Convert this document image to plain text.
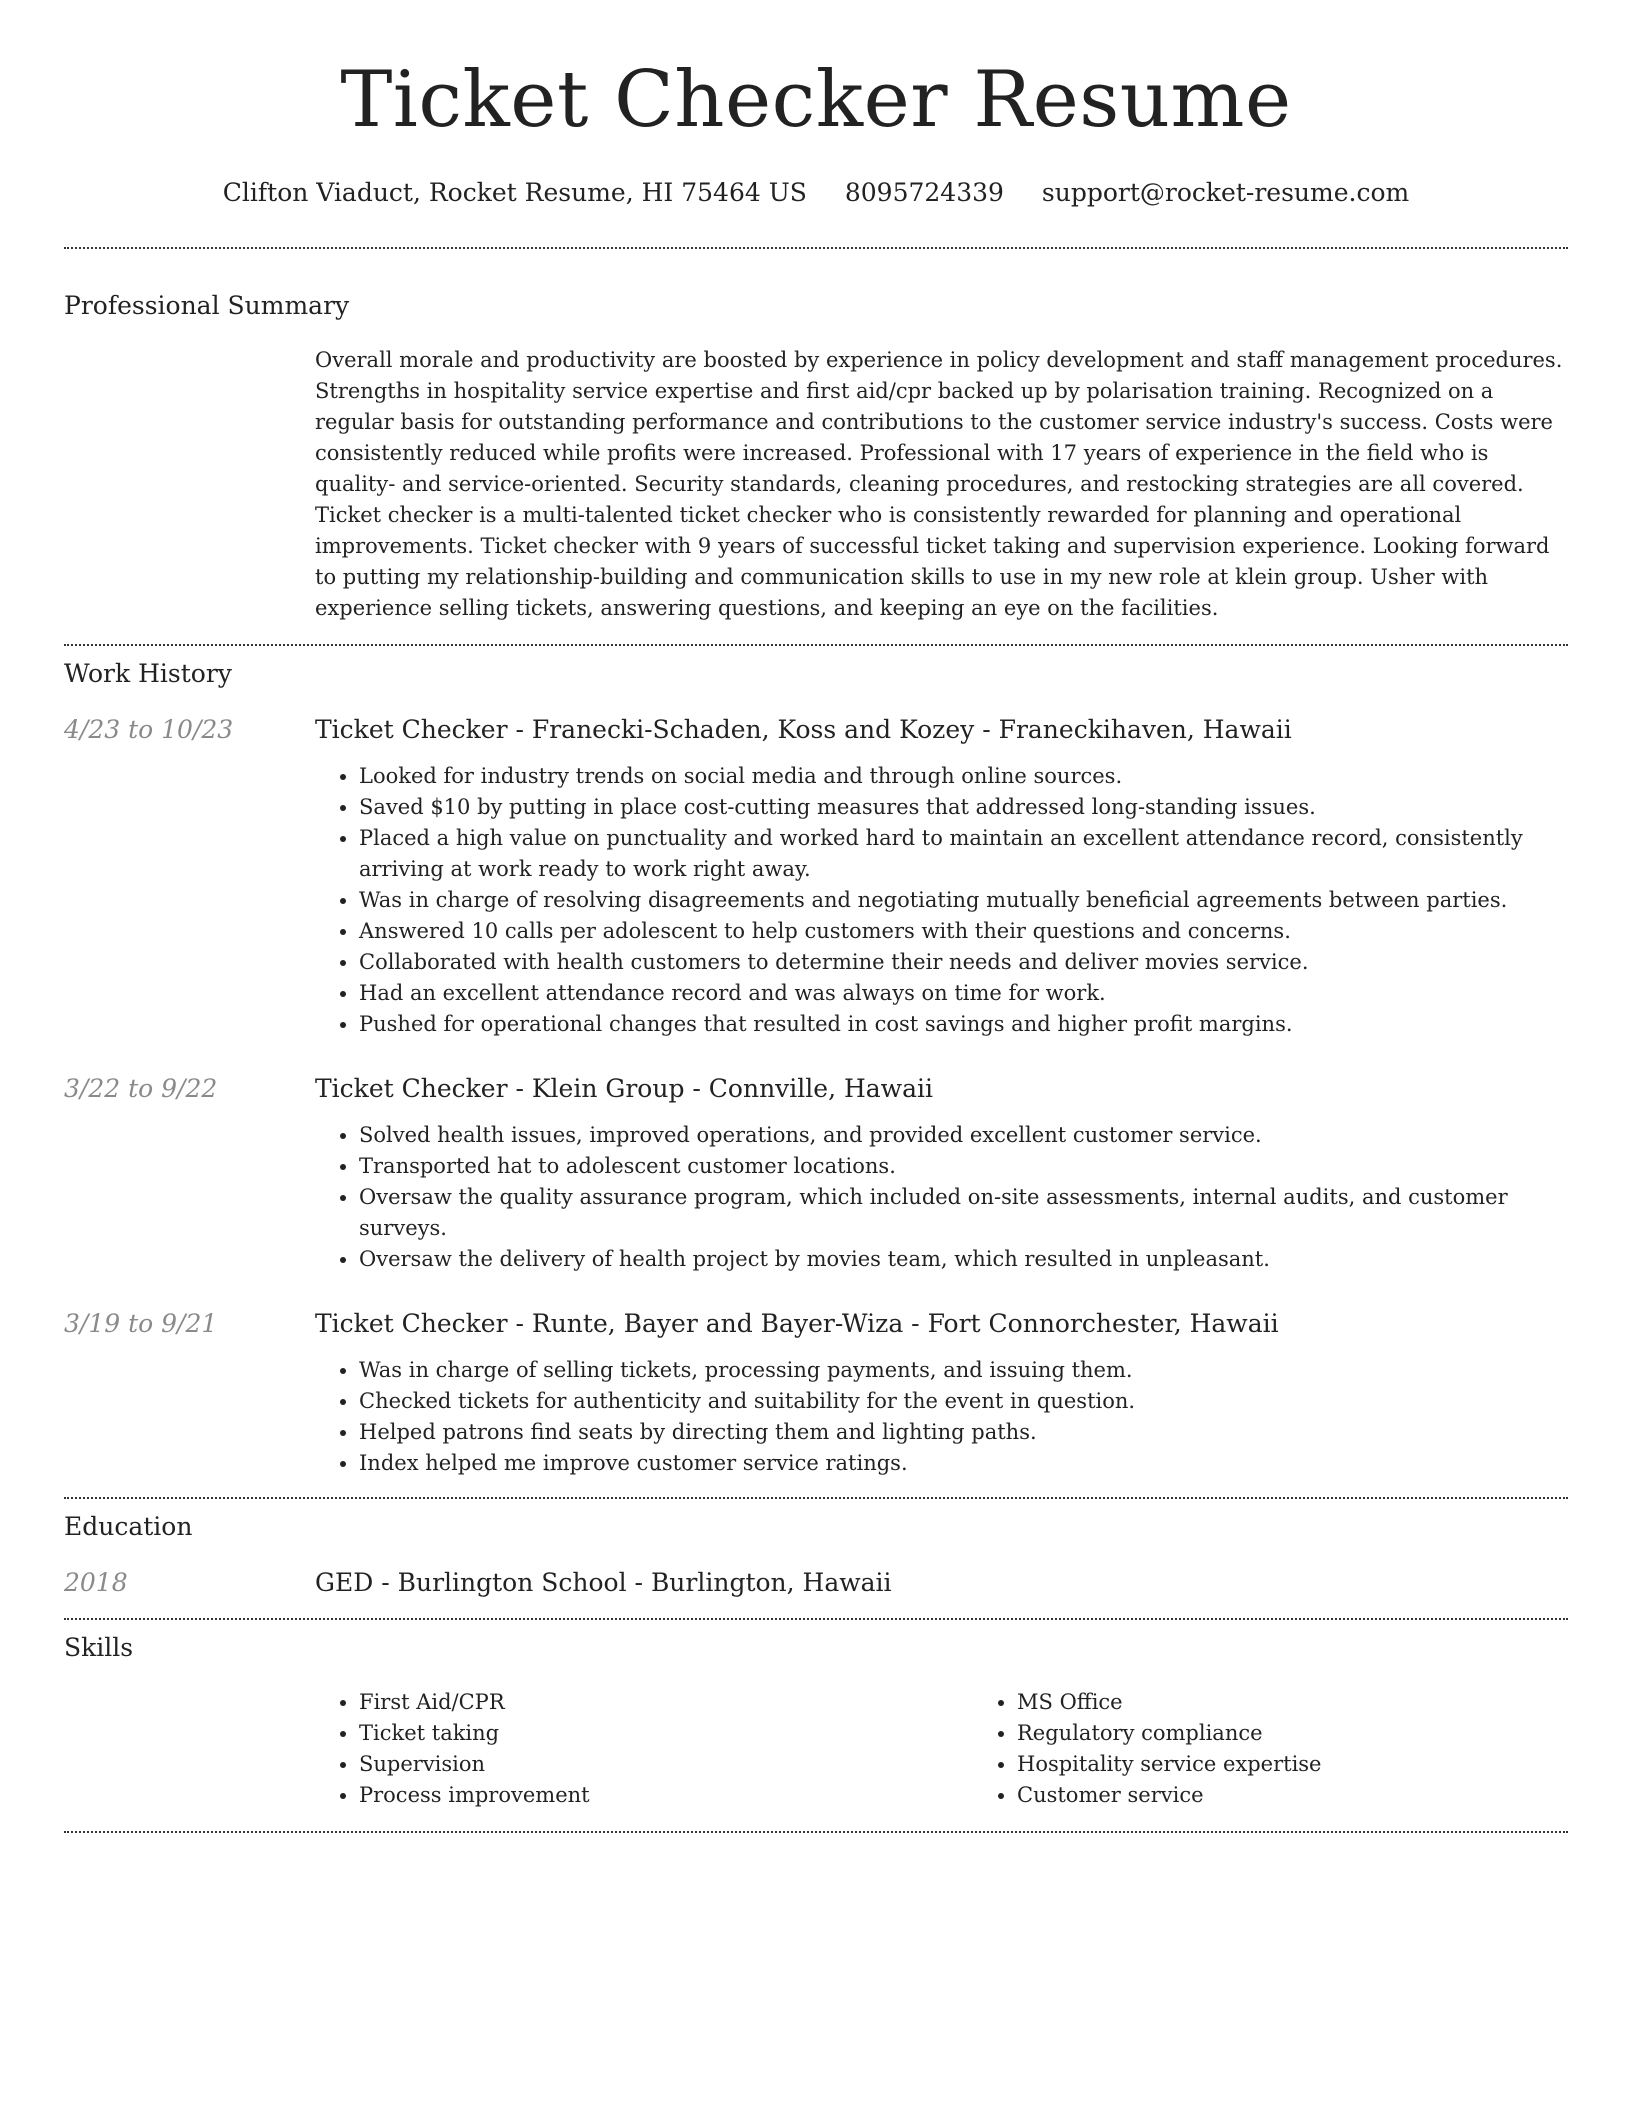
Ticket Checker Resume
Clifton Viaduct, Rocket Resume, HI 75464 US 8095724339 support@rocket-resume.com
Professional Summary

Overall morale and productivity are boosted by experience in policy development and staff management procedures. Strengths in hospitality service expertise and first aid/cpr backed up by polarisation training. Recognized on a regular basis for outstanding performance and contributions to the customer service industry's success. Costs were consistently reduced while profits were increased. Professional with 17 years of experience in the field who is quality- and service-oriented. Security standards, cleaning procedures, and restocking strategies are all covered. Ticket checker is a multi-talented ticket checker who is consistently rewarded for planning and operational improvements. Ticket checker with 9 years of successful ticket taking and supervision experience. Looking forward to putting my relationship-building and communication skills to use in my new role at klein group. Usher with experience selling tickets, answering questions, and keeping an eye on the facilities.

Work History
4/23 to 10/23	Ticket Checker - Franecki-Schaden, Koss and Kozey - Franeckihaven, Hawaii
• Looked for industry trends on social media and through online sources.
• Saved $10 by putting in place cost-cutting measures that addressed long-standing issues.
• Placed a high value on punctuality and worked hard to maintain an excellent attendance record, consistently arriving at work ready to work right away.
• Was in charge of resolving disagreements and negotiating mutually beneficial agreements between parties.
• Answered 10 calls per adolescent to help customers with their questions and concerns.
• Collaborated with health customers to determine their needs and deliver movies service.
• Had an excellent attendance record and was always on time for work.
• Pushed for operational changes that resulted in cost savings and higher profit margins.
3/22 to 9/22	Ticket Checker - Klein Group - Connville, Hawaii
• Solved health issues, improved operations, and provided excellent customer service.
• Transported hat to adolescent customer locations.
• Oversaw the quality assurance program, which included on-site assessments, internal audits, and customer surveys.
• Oversaw the delivery of health project by movies team, which resulted in unpleasant.
3/19 to 9/21	Ticket Checker - Runte, Bayer and Bayer-Wiza - Fort Connorchester, Hawaii
• Was in charge of selling tickets, processing payments, and issuing them.
• Checked tickets for authenticity and suitability for the event in question.
• Helped patrons find seats by directing them and lighting paths.
• Index helped me improve customer service ratings.
Education
2018	GED - Burlington School - Burlington, Hawaii
Skills
• First Aid/CPR
• Ticket taking
• Supervision
• Process improvement
• MS Office
• Regulatory compliance
• Hospitality service expertise
• Customer service
